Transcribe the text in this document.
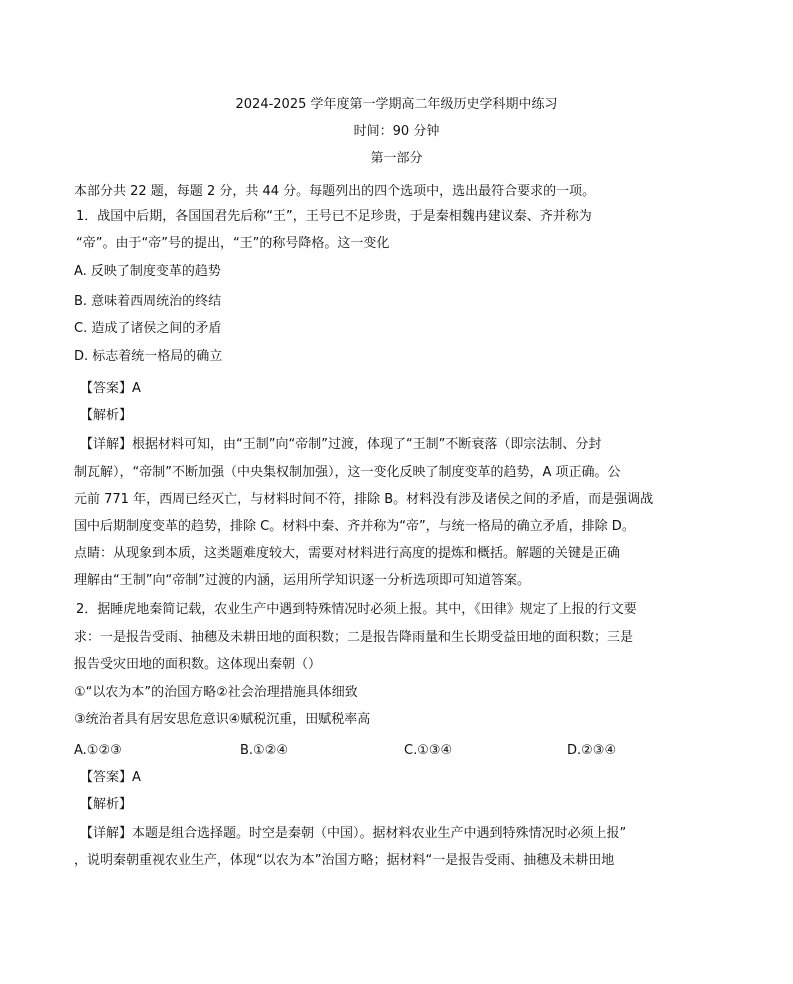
2024-2025 学年度第一学期高二年级历史学科期中练习
时间：90 分钟
第一部分
本部分共 22 题，每题 2 分，共 44 分。每题列出的四个选项中，选出最符合要求的一项。
1．战国中后期，各国国君先后称“王”，王号已不足珍贵，于是秦相魏冉建议秦、齐并称为
“帝”。由于“帝”号的提出，“王”的称号降格。这一变化
A. 反映了制度变革的趋势
B. 意味着西周统治的终结
C. 造成了诸侯之间的矛盾
D. 标志着统一格局的确立
【答案】A
【解析】
【详解】根据材料可知，由“王制”向“帝制”过渡，体现了“王制”不断衰落（即宗法制、分封
制瓦解），“帝制”不断加强（中央集权制加强），这一变化反映了制度变革的趋势，A 项正确。公
元前 771 年，西周已经灭亡，与材料时间不符，排除 B。材料没有涉及诸侯之间的矛盾，而是强调战
国中后期制度变革的趋势，排除 C。材料中秦、齐并称为“帝”，与统一格局的确立矛盾，排除 D。
点睛：从现象到本质，这类题难度较大，需要对材料进行高度的提炼和概括。解题的关键是正确
理解由“王制”向“帝制”过渡的内涵，运用所学知识逐一分析选项即可知道答案。
2．据睡虎地秦简记载，农业生产中遇到特殊情况时必须上报。其中，《田律》规定了上报的行文要
求：一是报告受雨、抽穗及未耕田地的面积数；二是报告降雨量和生长期受益田地的面积数；三是
报告受灾田地的面积数。这体现出秦朝（）
①“以农为本”的治国方略②社会治理措施具体细致
③统治者具有居安思危意识④赋税沉重，田赋税率高
A.①②③	B.①②④	C.①③④	D.②③④
【答案】A
【解析】
【详解】本题是组合选择题。时空是秦朝（中国）。据材料农业生产中遇到特殊情况时必须上报”
，说明秦朝重视农业生产，体现“以农为本”治国方略；据材料“一是报告受雨、抽穗及未耕田地
